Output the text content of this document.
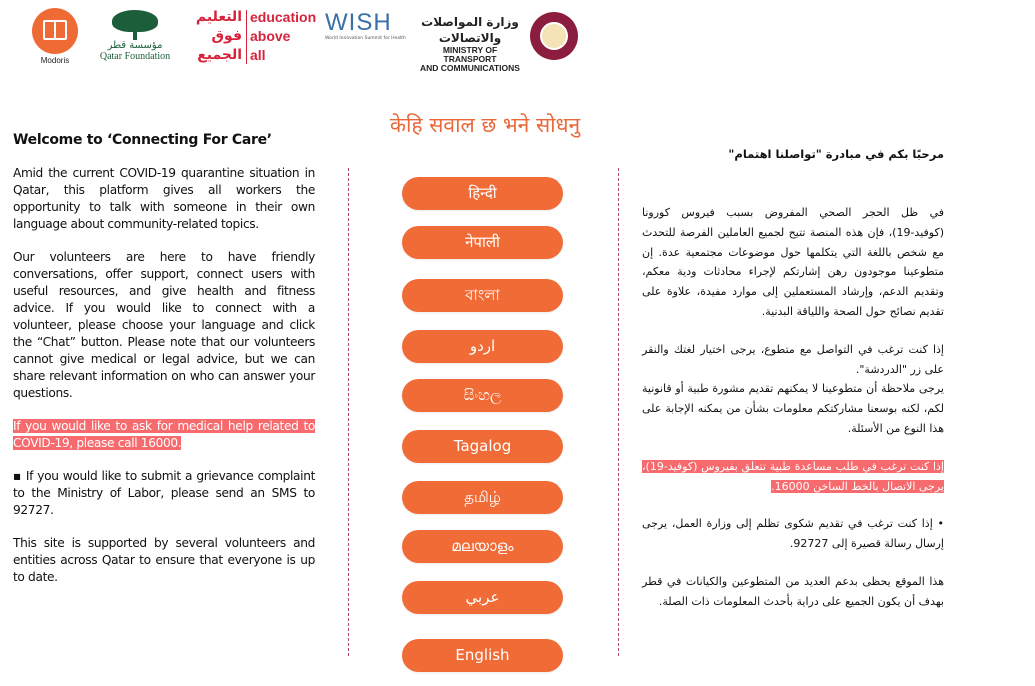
Modoris
مؤسسة قطر
Qatar Foundation
التعليم
فوق
الجميع
education
above
all
WISH
World Innovation Summit for Health
وزارة المواصلات والاتصالات
MINISTRY OF TRANSPORT
AND COMMUNICATIONS
Welcome to ‘Connecting For Care’

Amid the current COVID-19 quarantine situation in Qatar, this platform gives all workers the opportunity to talk with someone in their own language about community-related topics.

Our volunteers are here to have friendly conversations, offer support, connect users with useful resources, and give health and fitness advice. If you would like to connect with a volunteer, please choose your language and click the “Chat” button. Please note that our volunteers cannot give medical or legal advice, but we can share relevant information on who can answer your questions.

If you would like to ask for medical help related to COVID-19, please call 16000.

▪ If you would like to submit a grievance complaint to the Ministry of Labor, please send an SMS to 92727.

This site is supported by several volunteers and entities across Qatar to ensure that everyone is up to date.

केहि सवाल छ भने सोधनु
हिन्दी
नेपाली
বাংলা
اردو
සිංහල
Tagalog
தமிழ்
മലയാളം
عربي
English
مرحبًا بكم في مبادرة "تواصلنا اهتمام"

في ظل الحجر الصحي المفروض بسبب فيروس كورونا (كوفيد-19)، فإن هذه المنصة تتيح لجميع العاملين الفرصة للتحدث مع شخص باللغة التي يتكلمها حول موضوعات مجتمعية عدة. إن متطوعينا موجودون رهن إشارتكم لإجراء محادثات ودية معكم، وتقديم الدعم، وإرشاد المستعملين إلى موارد مفيدة، علاوة على تقديم نصائح حول الصحة واللياقة البدنية.

إذا كنت ترغب في التواصل مع متطوع، يرجى اختيار لغتك والنقر على زر "الدردشة".

يرجى ملاحظة أن متطوعينا لا يمكنهم تقديم مشورة طبية أو قانونية لكم، لكنه بوسعنا مشاركتكم معلومات بشأن من يمكنه الإجابة على هذا النوع من الأسئلة.

إذا كنت ترغب في طلب مساعدة طبية تتعلق بفيروس (كوفيد-19)، يرجى الاتصال بالخط الساخن 16000.

• إذا كنت ترغب في تقديم شكوى تظلم إلى وزارة العمل، يرجى إرسال رسالة قصيرة إلى 92727.

هذا الموقع يحظى بدعم العديد من المتطوعين والكيانات في قطر بهدف أن يكون الجميع على دراية بأحدث المعلومات ذات الصلة.
